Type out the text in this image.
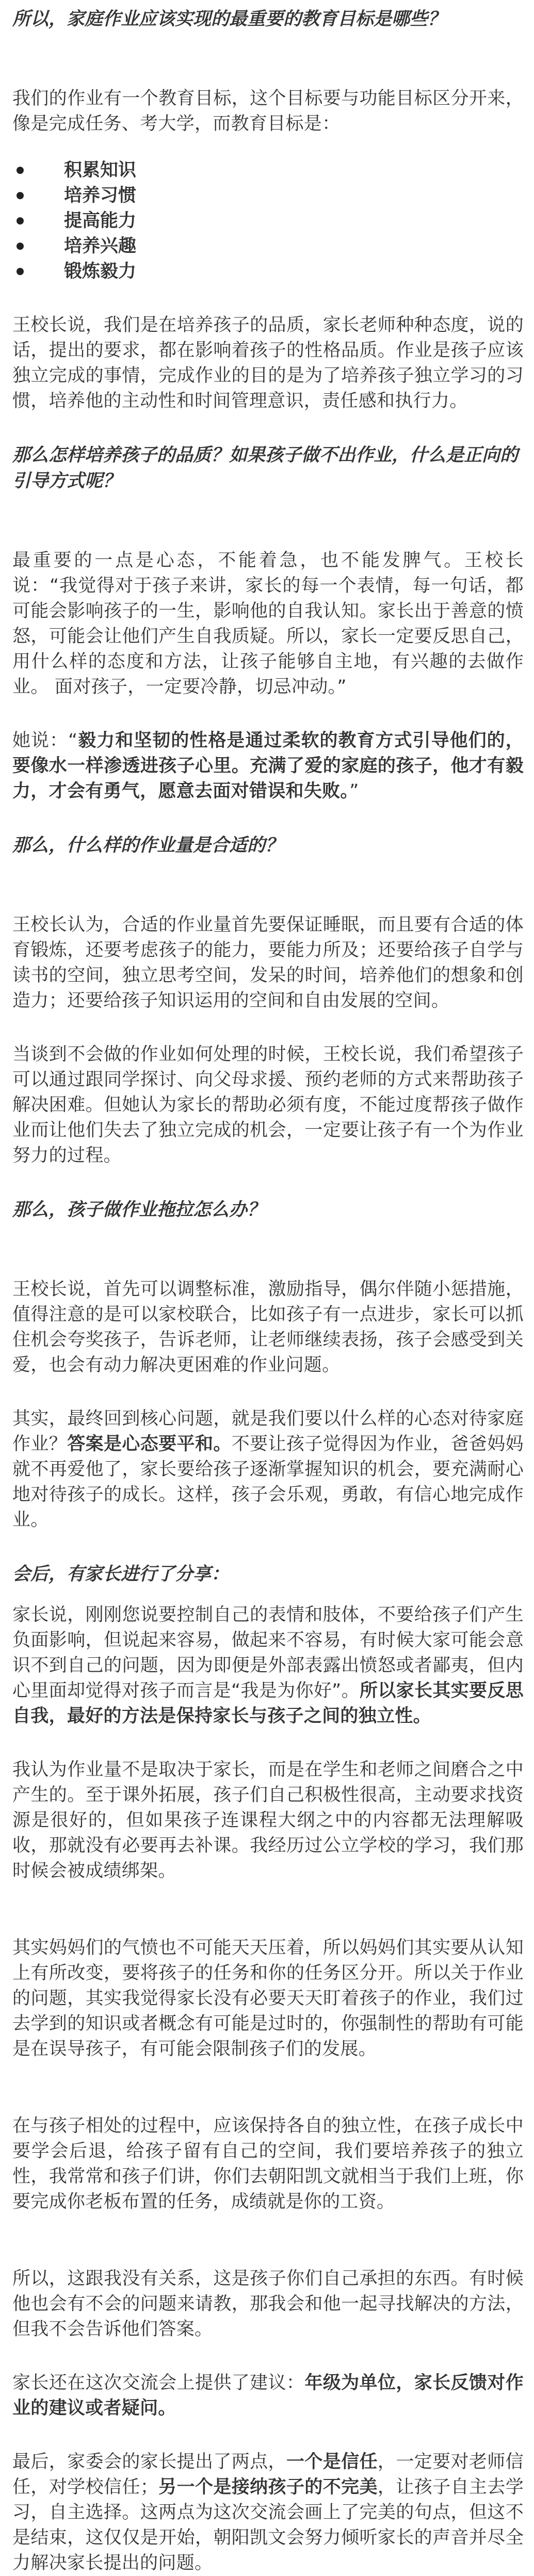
所以，家庭作业应该实现的最重要的教育目标是哪些？

我们的作业有一个教育目标，这个目标要与功能目标区分开来，像是完成任务、考大学，而教育目标是：

积累知识
培养习惯
提高能力
培养兴趣
锻炼毅力

王校长说，我们是在培养孩子的品质，家长老师种种态度，说的话，提出的要求，都在影响着孩子的性格品质。作业是孩子应该独立完成的事情，完成作业的目的是为了培养孩子独立学习的习惯，培养他的主动性和时间管理意识，责任感和执行力。

那么怎样培养孩子的品质？如果孩子做不出作业，什么是正向的引导方式呢？

最重要的一点是心态，不能着急，也不能发脾气。王校长说：“我觉得对于孩子来讲，家长的每一个表情，每一句话，都可能会影响孩子的一生，影响他的自我认知。家长出于善意的愤怒，可能会让他们产生自我质疑。所以，家长一定要反思自己，用什么样的态度和方法，让孩子能够自主地，有兴趣的去做作业。 面对孩子，一定要冷静，切忌冲动。”

她说：“毅力和坚韧的性格是通过柔软的教育方式引导他们的，要像水一样渗透进孩子心里。充满了爱的家庭的孩子，他才有毅力，才会有勇气，愿意去面对错误和失败。”

那么，什么样的作业量是合适的？

王校长认为，合适的作业量首先要保证睡眠，而且要有合适的体育锻炼，还要考虑孩子的能力，要能力所及；还要给孩子自学与读书的空间，独立思考空间，发呆的时间，培养他们的想象和创造力；还要给孩子知识运用的空间和自由发展的空间。

当谈到不会做的作业如何处理的时候，王校长说，我们希望孩子可以通过跟同学探讨、向父母求援、预约老师的方式来帮助孩子解决困难。但她认为家长的帮助必须有度，不能过度帮孩子做作业而让他们失去了独立完成的机会，一定要让孩子有一个为作业努力的过程。

那么，孩子做作业拖拉怎么办？

王校长说，首先可以调整标准，激励指导，偶尔伴随小惩措施，值得注意的是可以家校联合，比如孩子有一点进步，家长可以抓住机会夸奖孩子，告诉老师，让老师继续表扬，孩子会感受到关爱，也会有动力解决更困难的作业问题。

其实，最终回到核心问题，就是我们要以什么样的心态对待家庭作业？答案是心态要平和。不要让孩子觉得因为作业，爸爸妈妈就不再爱他了，家长要给孩子逐渐掌握知识的机会，要充满耐心地对待孩子的成长。这样，孩子会乐观，勇敢，有信心地完成作业。

会后，有家长进行了分享：

家长说，刚刚您说要控制自己的表情和肢体，不要给孩子们产生负面影响，但说起来容易，做起来不容易，有时候大家可能会意识不到自己的问题，因为即便是外部表露出愤怒或者鄙夷，但内心里面却觉得对孩子而言是“我是为你好”。所以家长其实要反思自我，最好的方法是保持家长与孩子之间的独立性。

我认为作业量不是取决于家长，而是在学生和老师之间磨合之中产生的。至于课外拓展，孩子们自己积极性很高，主动要求找资源是很好的，但如果孩子连课程大纲之中的内容都无法理解吸收，那就没有必要再去补课。我经历过公立学校的学习，我们那时候会被成绩绑架。

其实妈妈们的气愤也不可能天天压着，所以妈妈们其实要从认知上有所改变，要将孩子的任务和你的任务区分开。所以关于作业的问题，其实我觉得家长没有必要天天盯着孩子的作业，我们过去学到的知识或者概念有可能是过时的，你强制性的帮助有可能是在误导孩子，有可能会限制孩子们的发展。

在与孩子相处的过程中，应该保持各自的独立性，在孩子成长中要学会后退，给孩子留有自己的空间，我们要培养孩子的独立性，我常常和孩子们讲，你们去朝阳凯文就相当于我们上班，你要完成你老板布置的任务，成绩就是你的工资。

所以，这跟我没有关系，这是孩子你们自己承担的东西。有时候他也会有不会的问题来请教，那我会和他一起寻找解决的方法，但我不会告诉他们答案。

家长还在这次交流会上提供了建议：年级为单位，家长反馈对作业的建议或者疑问。

最后，家委会的家长提出了两点，一个是信任，一定要对老师信任，对学校信任；另一个是接纳孩子的不完美，让孩子自主去学习，自主选择。这两点为这次交流会画上了完美的句点，但这不是结束，这仅仅是开始，朝阳凯文会努力倾听家长的声音并尽全力解决家长提出的问题。
